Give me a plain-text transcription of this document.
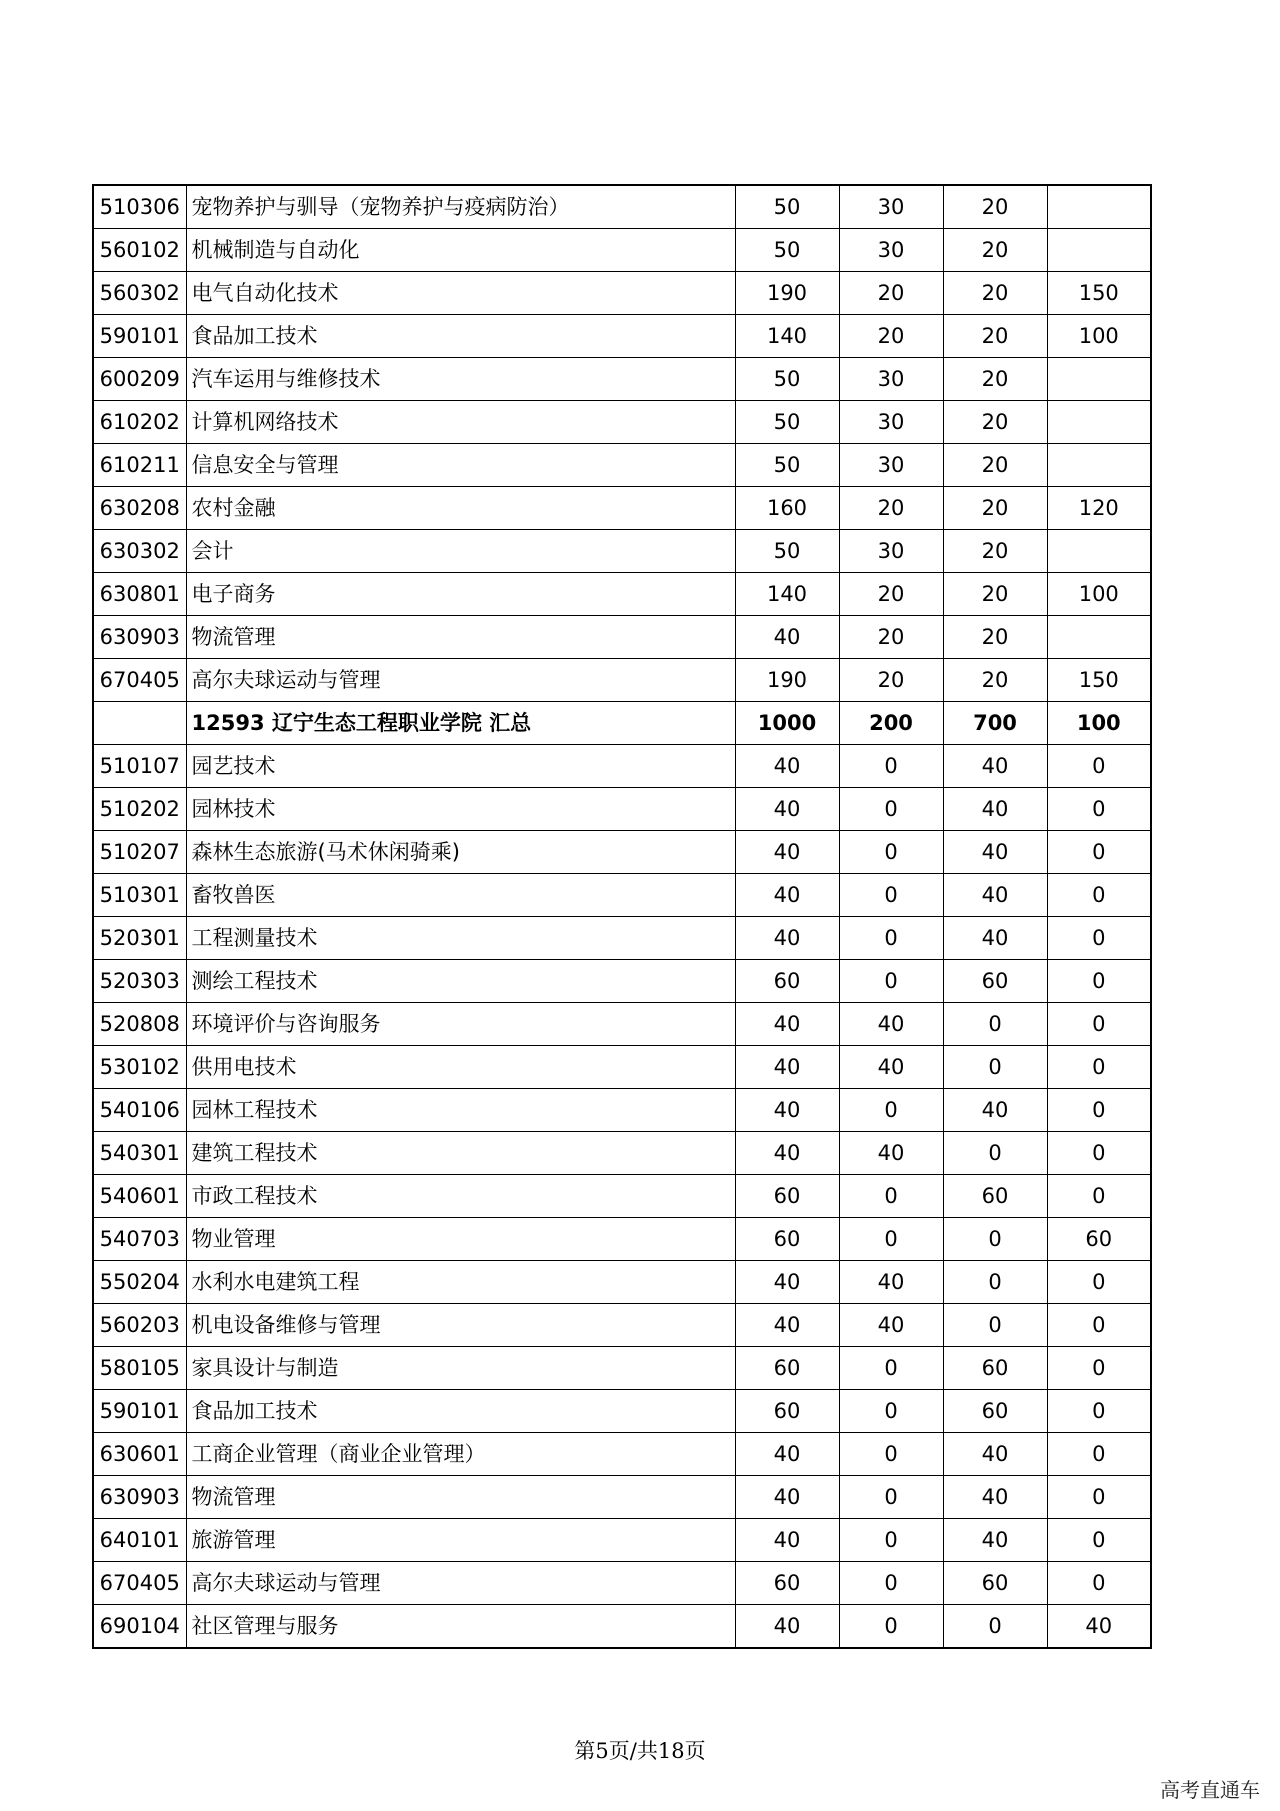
510306	宠物养护与驯导（宠物养护与疫病防治）	50	30	20	
560102	机械制造与自动化	50	30	20	
560302	电气自动化技术	190	20	20	150
590101	食品加工技术	140	20	20	100
600209	汽车运用与维修技术	50	30	20	
610202	计算机网络技术	50	30	20	
610211	信息安全与管理	50	30	20	
630208	农村金融	160	20	20	120
630302	会计	50	30	20	
630801	电子商务	140	20	20	100
630903	物流管理	40	20	20	
670405	高尔夫球运动与管理	190	20	20	150
	12593 辽宁生态工程职业学院 汇总	1000	200	700	100
510107	园艺技术	40	0	40	0
510202	园林技术	40	0	40	0
510207	森林生态旅游(马术休闲骑乘)	40	0	40	0
510301	畜牧兽医	40	0	40	0
520301	工程测量技术	40	0	40	0
520303	测绘工程技术	60	0	60	0
520808	环境评价与咨询服务	40	40	0	0
530102	供用电技术	40	40	0	0
540106	园林工程技术	40	0	40	0
540301	建筑工程技术	40	40	0	0
540601	市政工程技术	60	0	60	0
540703	物业管理	60	0	0	60
550204	水利水电建筑工程	40	40	0	0
560203	机电设备维修与管理	40	40	0	0
580105	家具设计与制造	60	0	60	0
590101	食品加工技术	60	0	60	0
630601	工商企业管理（商业企业管理）	40	0	40	0
630903	物流管理	40	0	40	0
640101	旅游管理	40	0	40	0
670405	高尔夫球运动与管理	60	0	60	0
690104	社区管理与服务	40	0	0	40
第5页/共18页
高考直通车
